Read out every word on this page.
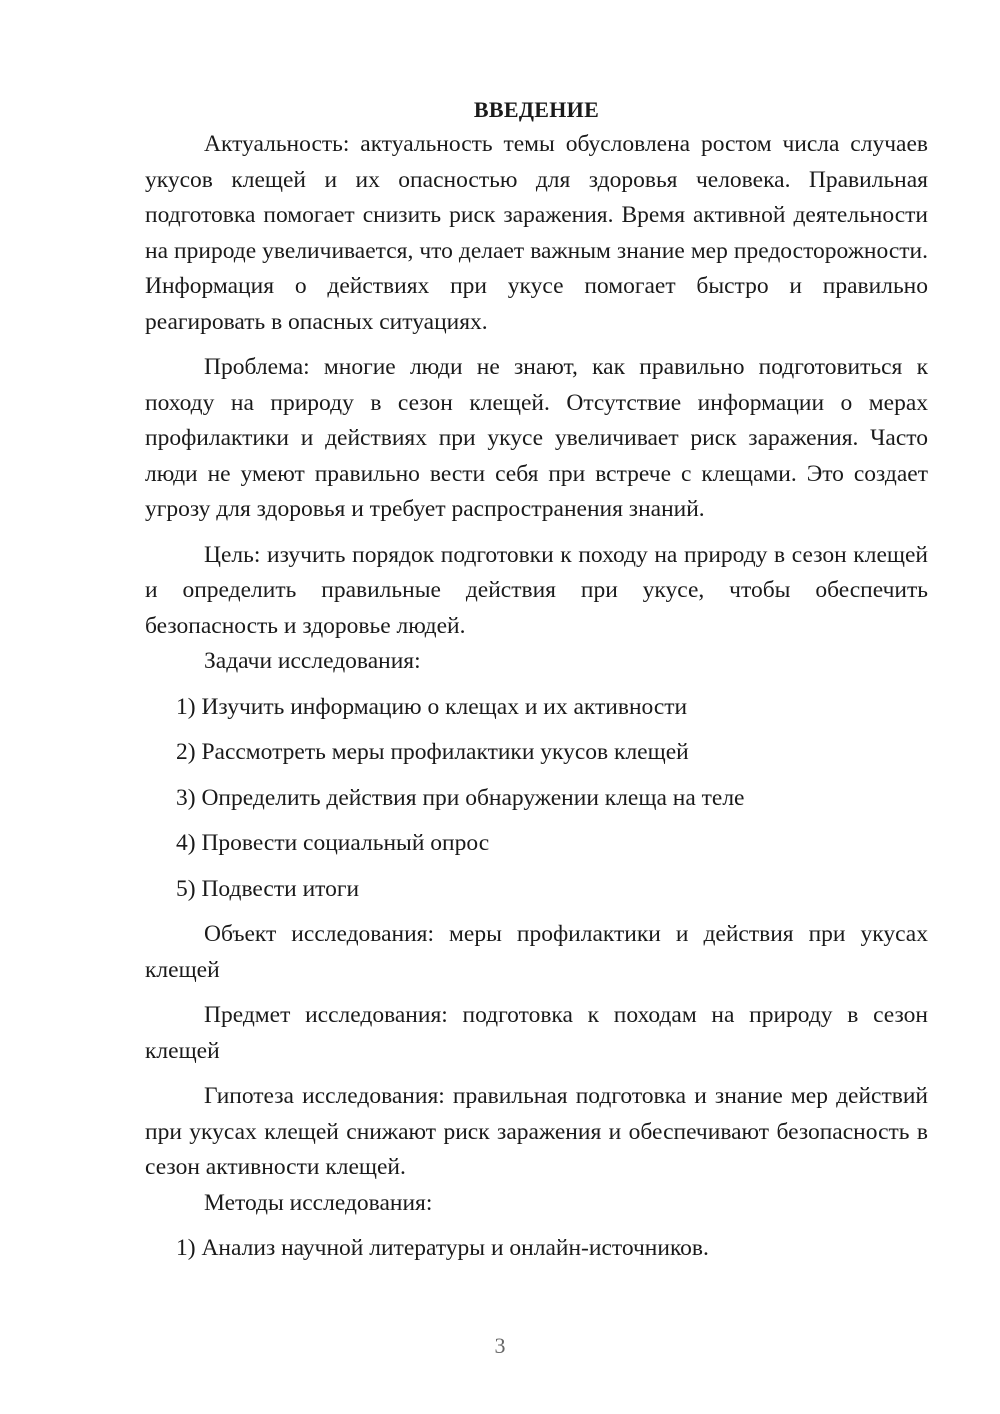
ВВЕДЕНИЕ

Актуальность: актуальность темы обусловлена ростом числа случаев укусов клещей и их опасностью для здоровья человека. Правильная подготовка помогает снизить риск заражения. Время активной деятельности на природе увеличивается, что делает важным знание мер предосторожности. Информация о действиях при укусе помогает быстро и правильно реагировать в опасных ситуациях.

Проблема: многие люди не знают, как правильно подготовиться к походу на природу в сезон клещей. Отсутствие информации о мерах профилактики и действиях при укусе увеличивает риск заражения. Часто люди не умеют правильно вести себя при встрече с клещами. Это создает угрозу для здоровья и требует распространения знаний.

Цель: изучить порядок подготовки к походу на природу в сезон клещей и определить правильные действия при укусе, чтобы обеспечить безопасность и здоровье людей.

Задачи исследования:

1) Изучить информацию о клещах и их активности
2) Рассмотреть меры профилактики укусов клещей
3) Определить действия при обнаружении клеща на теле
4) Провести социальный опрос
5) Подвести итоги

Объект исследования: меры профилактики и действия при укусах клещей

Предмет исследования: подготовка к походам на природу в сезон клещей

Гипотеза исследования: правильная подготовка и знание мер действий при укусах клещей снижают риск заражения и обеспечивают безопасность в сезон активности клещей.

Методы исследования:

1) Анализ научной литературы и онлайн-источников.
3
